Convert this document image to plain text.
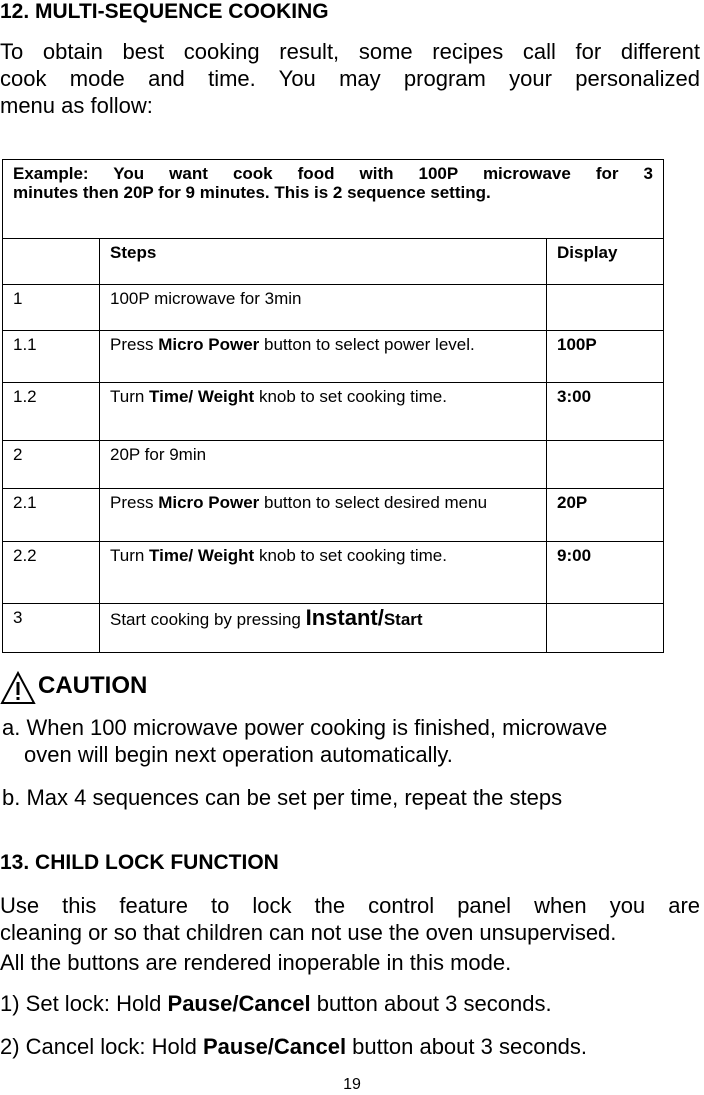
12. MULTI-SEQUENCE COOKING
To obtain best cooking result, some recipes call for different
cook mode and time. You may program your personalized
menu as follow:
Example: You want cook food with 100P microwave for 3
minutes then 20P for 9 minutes. This is 2 sequence setting.		

	Steps	Display
1	100P microwave for 3min	
1.1	Press Micro Power button to select power level.	100P
1.2	Turn Time/ Weight knob to set cooking time.	3:00
2	20P for 9min	
2.1	Press Micro Power button to select desired menu	20P
2.2	Turn Time/ Weight knob to set cooking time.	9:00
3	Start cooking by pressing Instant/Start	
CAUTION
a. When 100 microwave power cooking is finished, microwave
oven will begin next operation automatically.
b. Max 4 sequences can be set per time, repeat the steps
13. CHILD LOCK FUNCTION
Use this feature to lock the control panel when you are
cleaning or so that children can not use the oven unsupervised.
All the buttons are rendered inoperable in this mode.
1) Set lock: Hold Pause/Cancel button about 3 seconds.
2) Cancel lock: Hold Pause/Cancel button about 3 seconds.
19
